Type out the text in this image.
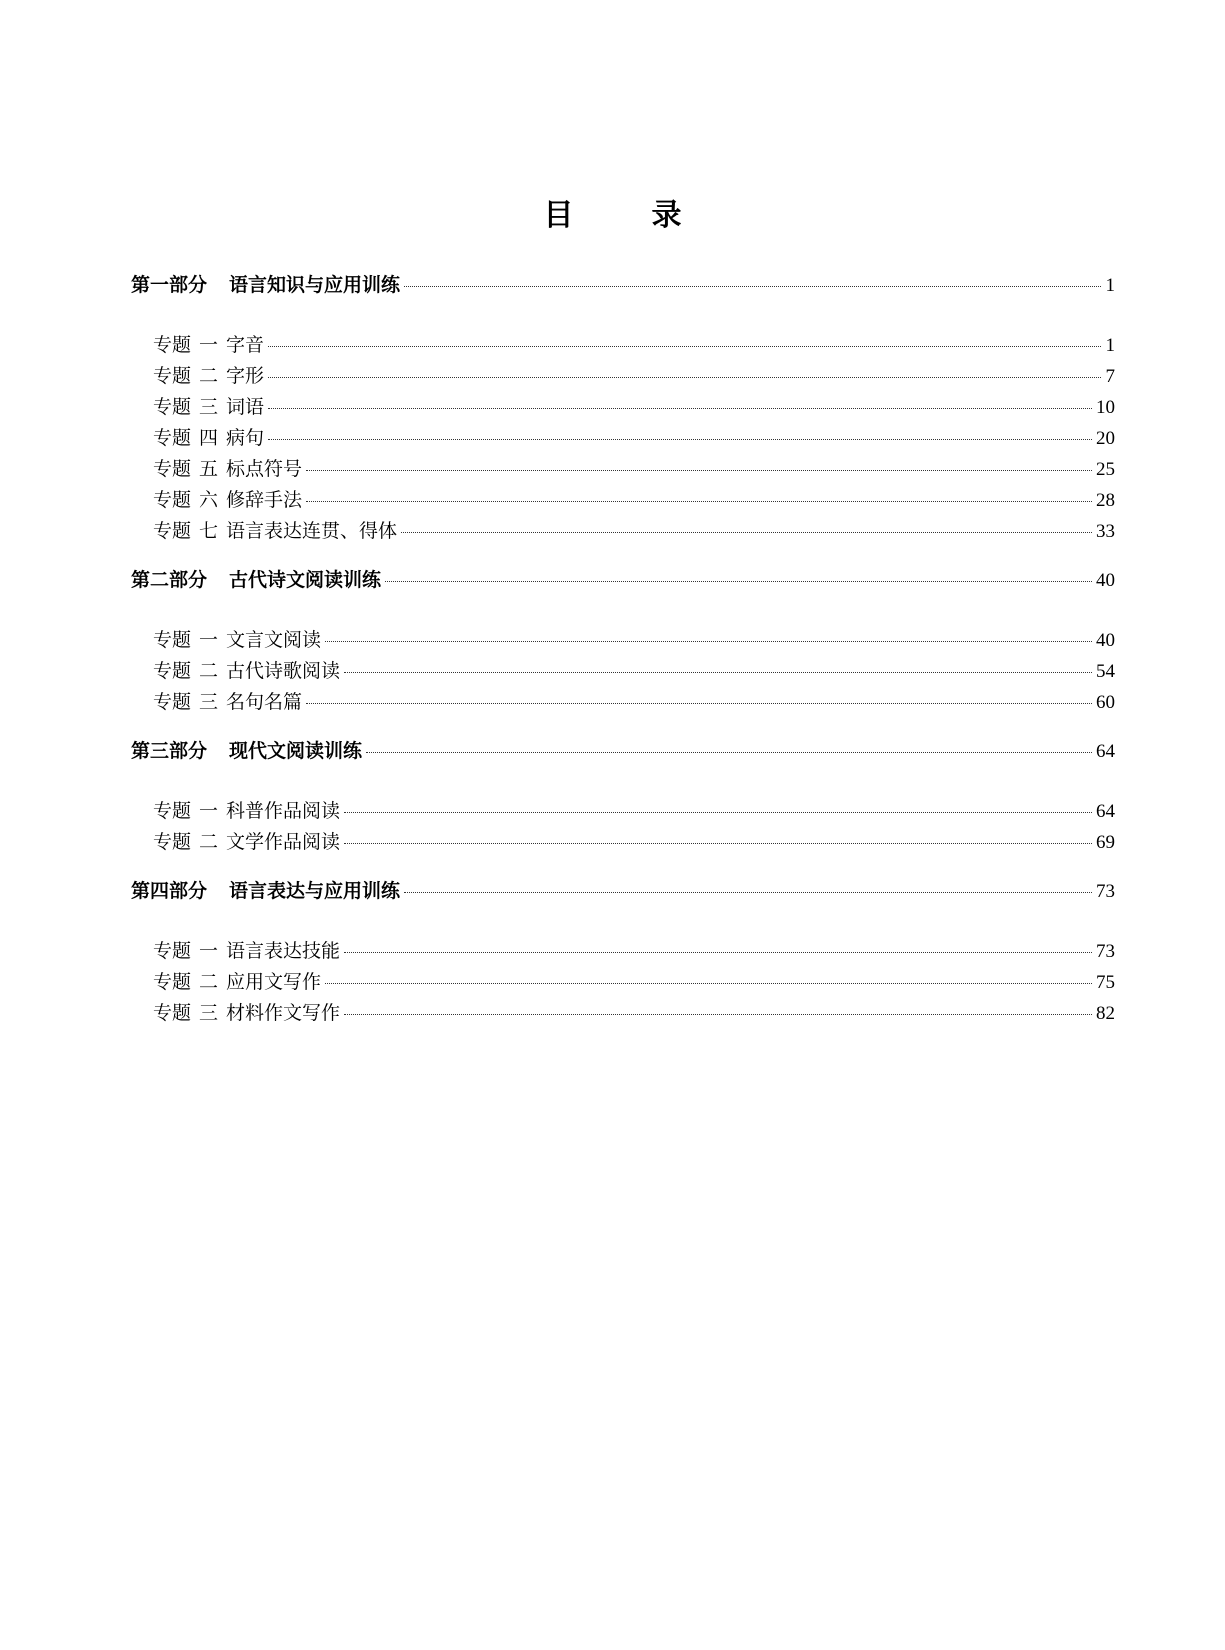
目　录
第一部分 语言知识与应用训练	1
专题 一 字音	1
专题 二 字形	7
专题 三 词语	10
专题 四 病句	20
专题 五 标点符号	25
专题 六 修辞手法	28
专题 七 语言表达连贯、得体	33
第二部分 古代诗文阅读训练	40
专题 一 文言文阅读	40
专题 二 古代诗歌阅读	54
专题 三 名句名篇	60
第三部分 现代文阅读训练	64
专题 一 科普作品阅读	64
专题 二 文学作品阅读	69
第四部分 语言表达与应用训练	73
专题 一 语言表达技能	73
专题 二 应用文写作	75
专题 三 材料作文写作	82
